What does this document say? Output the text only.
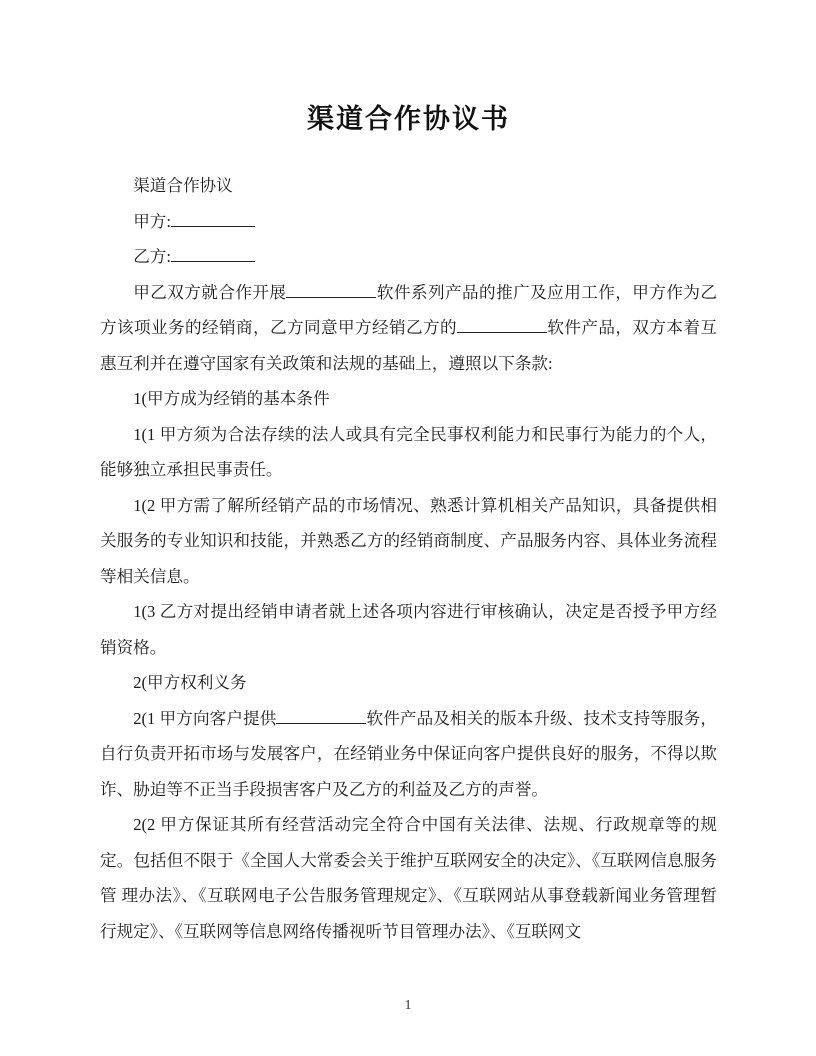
渠道合作协议书

渠道合作协议

甲方:

乙方:

甲乙双方就合作开展	软件系列产品的推广及应用工作，甲方作为乙方该项业务的经销商，乙方同意甲方经销乙方的	软件产品，双方本着互惠互利并在遵守国家有关政策和法规的基础上，遵照以下条款:

1(甲方成为经销的基本条件

1(1 甲方须为合法存续的法人或具有完全民事权利能力和民事行为能力的个人，能够独立承担民事责任。

1(2 甲方需了解所经销产品的市场情况、熟悉计算机相关产品知识，具备提供相关服务的专业知识和技能，并熟悉乙方的经销商制度、产品服务内容、具体业务流程等相关信息。

1(3 乙方对提出经销申请者就上述各项内容进行审核确认，决定是否授予甲方经销资格。

2(甲方权利义务

2(1 甲方向客户提供	软件产品及相关的版本升级、技术支持等服务，自行负责开拓市场与发展客户，在经销业务中保证向客户提供良好的服务，不得以欺诈、胁迫等不正当手段损害客户及乙方的利益及乙方的声誉。

2(2 甲方保证其所有经营活动完全符合中国有关法律、法规、行政规章等的规定。包括但不限于《全国人大常委会关于维护互联网安全的决定》、《互联网信息服务管 理办法》、《互联网电子公告服务管理规定》、《互联网站从事登载新闻业务管理暂行规定》、《互联网等信息网络传播视听节目管理办法》、《互联网文

1
